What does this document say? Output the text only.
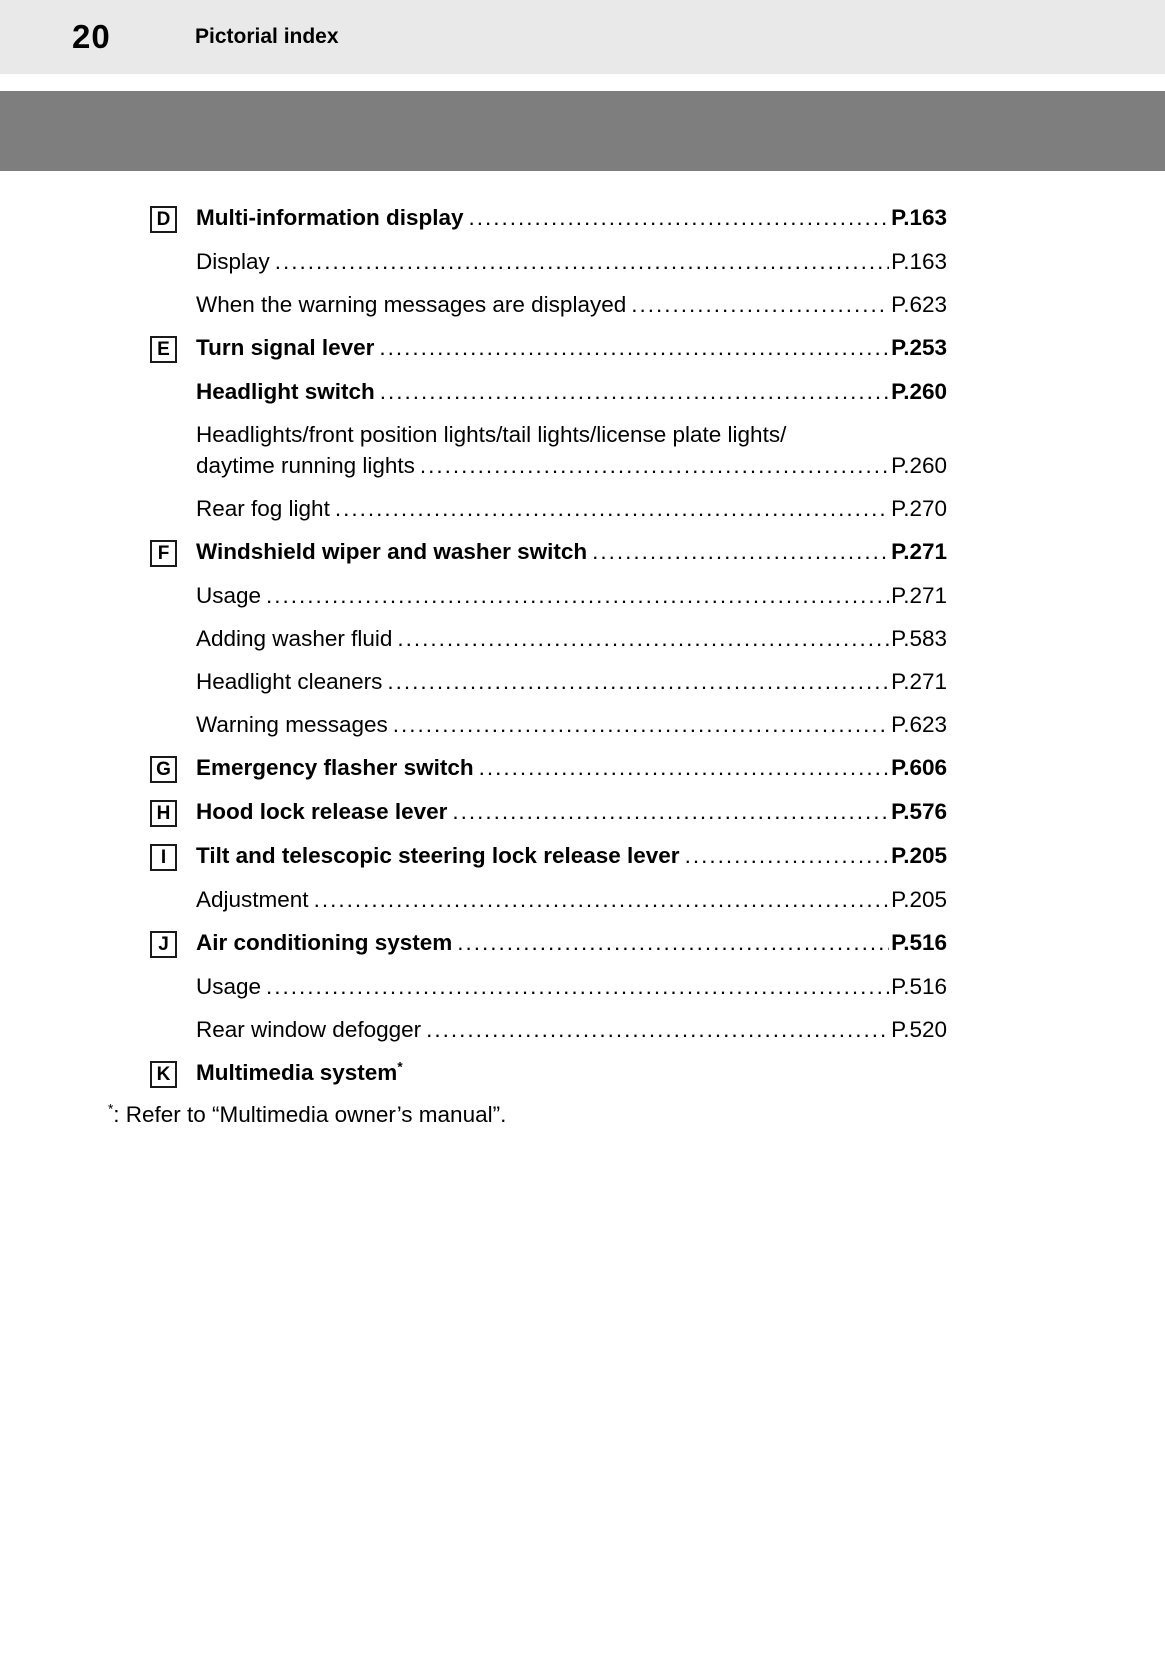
20	Pictorial index
D	Multi-information display .....	P.163
Display .....	P.163
When the warning messages are displayed .....	P.623
E	Turn signal lever .....	P.253
Headlight switch .....	P.260
Headlights/front position lights/tail lights/license plate lights/
daytime running lights .....	P.260
Rear fog light .....	P.270
F	Windshield wiper and washer switch .....	P.271
Usage .....	P.271
Adding washer fluid .....	P.583
Headlight cleaners .....	P.271
Warning messages .....	P.623
G	Emergency flasher switch .....	P.606
H	Hood lock release lever .....	P.576
I	Tilt and telescopic steering lock release lever .....	P.205
Adjustment .....	P.205
J	Air conditioning system .....	P.516
Usage .....	P.516
Rear window defogger .....	P.520
K	Multimedia system*
*: Refer to “Multimedia owner’s manual”.
